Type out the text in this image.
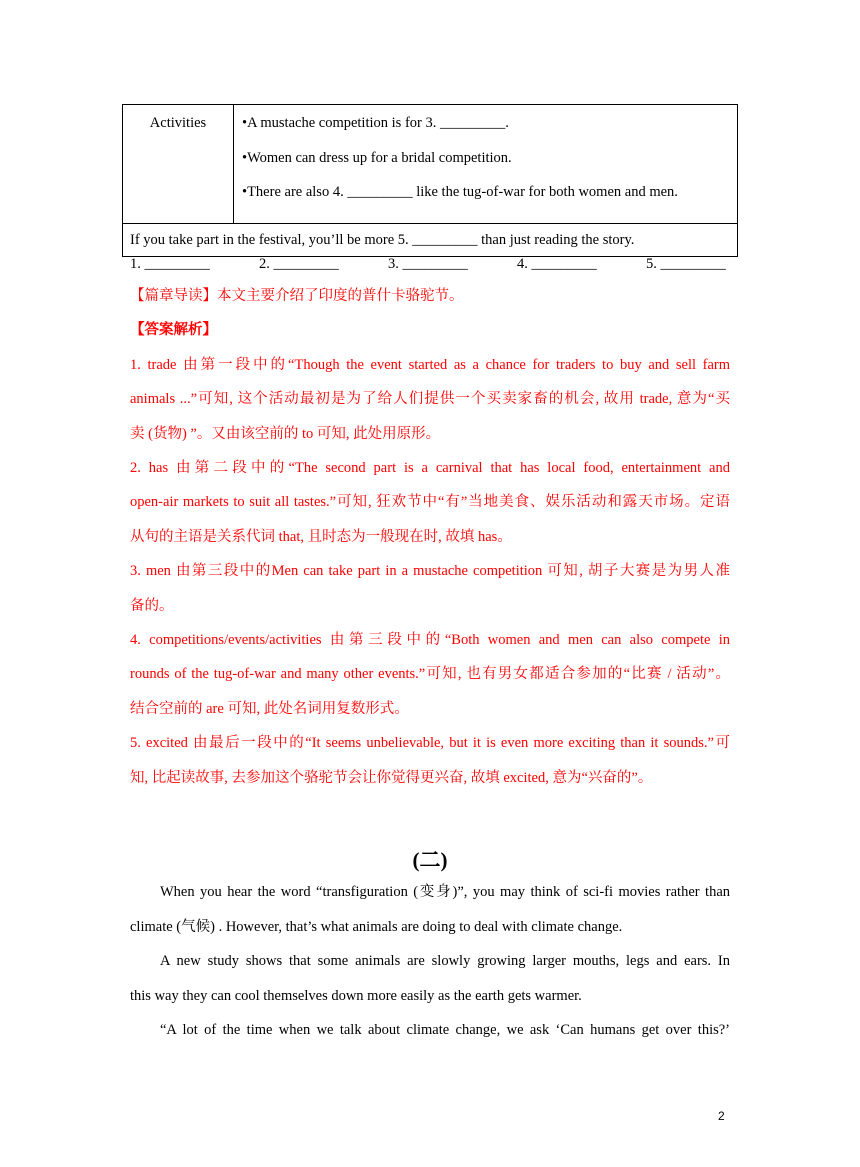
Activities	•A mustache competition is for 3. _________.
•Women can dress up for a bridal competition.
•There are also 4. _________ like the tug-of-war for both women and men.

If you take part in the festival, you’ll be more 5. _________ than just reading the story.
1. _________	2. _________	3. _________	4. _________	5. _________
【篇章导读】本文主要介绍了印度的普什卡骆驼节。
【答案解析】
1. trade 由第一段中的“Though the event started as a chance for traders to buy and sell farm
animals ...”可知, 这个活动最初是为了给人们提供一个买卖家畜的机会, 故用 trade, 意为“买
卖 (货物) ”。又由该空前的 to 可知, 此处用原形。
2. has 由第二段中的“The second part is a carnival that has local food, entertainment and
open-air markets to suit all tastes.”可知, 狂欢节中“有”当地美食、娱乐活动和露天市场。定语
从句的主语是关系代词 that, 且时态为一般现在时, 故填 has。
3. men 由第三段中的Men can take part in a mustache competition 可知, 胡子大赛是为男人准
备的。
4. competitions/events/activities 由第三段中的“Both women and men can also compete in
rounds of the tug-of-war and many other events.”可知, 也有男女都适合参加的“比赛 / 活动”。
结合空前的 are 可知, 此处名词用复数形式。
5. excited 由最后一段中的“It seems unbelievable, but it is even more exciting than it sounds.”可
知, 比起读故事, 去参加这个骆驼节会让你觉得更兴奋, 故填 excited, 意为“兴奋的”。
(二)
When you hear the word “transfiguration (变身)”, you may think of sci-fi movies rather than
climate (气候) . However, that’s what animals are doing to deal with climate change.
A new study shows that some animals are slowly growing larger mouths, legs and ears. In
this way they can cool themselves down more easily as the earth gets warmer.
“A lot of the time when we talk about climate change, we ask ‘Can humans get over this?’
2
